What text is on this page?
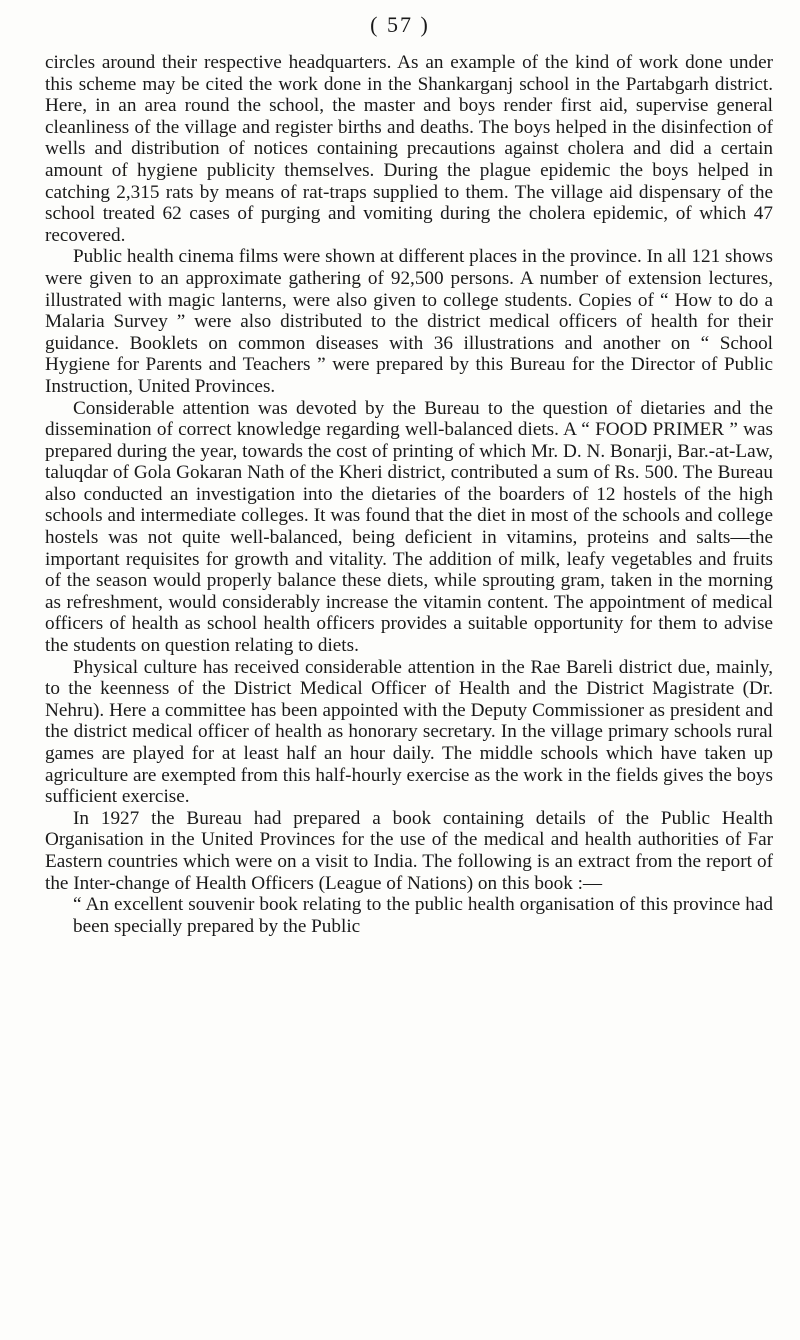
( 57 )

circles around their respective headquarters. As an example of the kind of work done under this scheme may be cited the work done in the Shankarganj school in the Partabgarh district. Here, in an area round the school, the master and boys render first aid, supervise general cleanliness of the village and register births and deaths. The boys helped in the disinfection of wells and distribution of notices containing precautions against cholera and did a certain amount of hygiene publicity themselves. During the plague epidemic the boys helped in catching 2,315 rats by means of rat-traps supplied to them. The village aid dispensary of the school treated 62 cases of purging and vomiting during the cholera epidemic, of which 47 recovered.

Public health cinema films were shown at different places in the province. In all 121 shows were given to an approximate gathering of 92,500 persons. A number of extension lectures, illustrated with magic lanterns, were also given to college students. Copies of “ How to do a Malaria Survey ” were also distributed to the district medical officers of health for their guidance. Booklets on common diseases with 36 illustrations and another on “ School Hygiene for Parents and Teachers ” were prepared by this Bureau for the Director of Public Instruction, United Provinces.

Considerable attention was devoted by the Bureau to the question of dietaries and the dissemination of correct knowledge regarding well-balanced diets. A “ FOOD PRIMER ” was prepared during the year, towards the cost of printing of which Mr. D. N. Bonarji, Bar.-at-Law, taluqdar of Gola Gokaran Nath of the Kheri district, contributed a sum of Rs. 500. The Bureau also conducted an investigation into the dietaries of the boarders of 12 hostels of the high schools and intermediate colleges. It was found that the diet in most of the schools and college hostels was not quite well-balanced, being deficient in vitamins, proteins and salts—the important requisites for growth and vitality. The addition of milk, leafy vegetables and fruits of the season would properly balance these diets, while sprouting gram, taken in the morning as refreshment, would considerably increase the vitamin content. The appointment of medical officers of health as school health officers provides a suitable opportunity for them to advise the students on question relating to diets.

Physical culture has received considerable attention in the Rae Bareli district due, mainly, to the keenness of the District Medical Officer of Health and the District Magistrate (Dr. Nehru). Here a committee has been appointed with the Deputy Commissioner as president and the district medical officer of health as honorary secretary. In the village primary schools rural games are played for at least half an hour daily. The middle schools which have taken up agriculture are exempted from this half-hourly exercise as the work in the fields gives the boys sufficient exercise.

In 1927 the Bureau had prepared a book containing details of the Public Health Organisation in the United Provinces for the use of the medical and health authorities of Far Eastern countries which were on a visit to India. The following is an extract from the report of the Inter-change of Health Officers (League of Nations) on this book :—

“ An excellent souvenir book relating to the public health organisation of this province had been specially prepared by the Public
